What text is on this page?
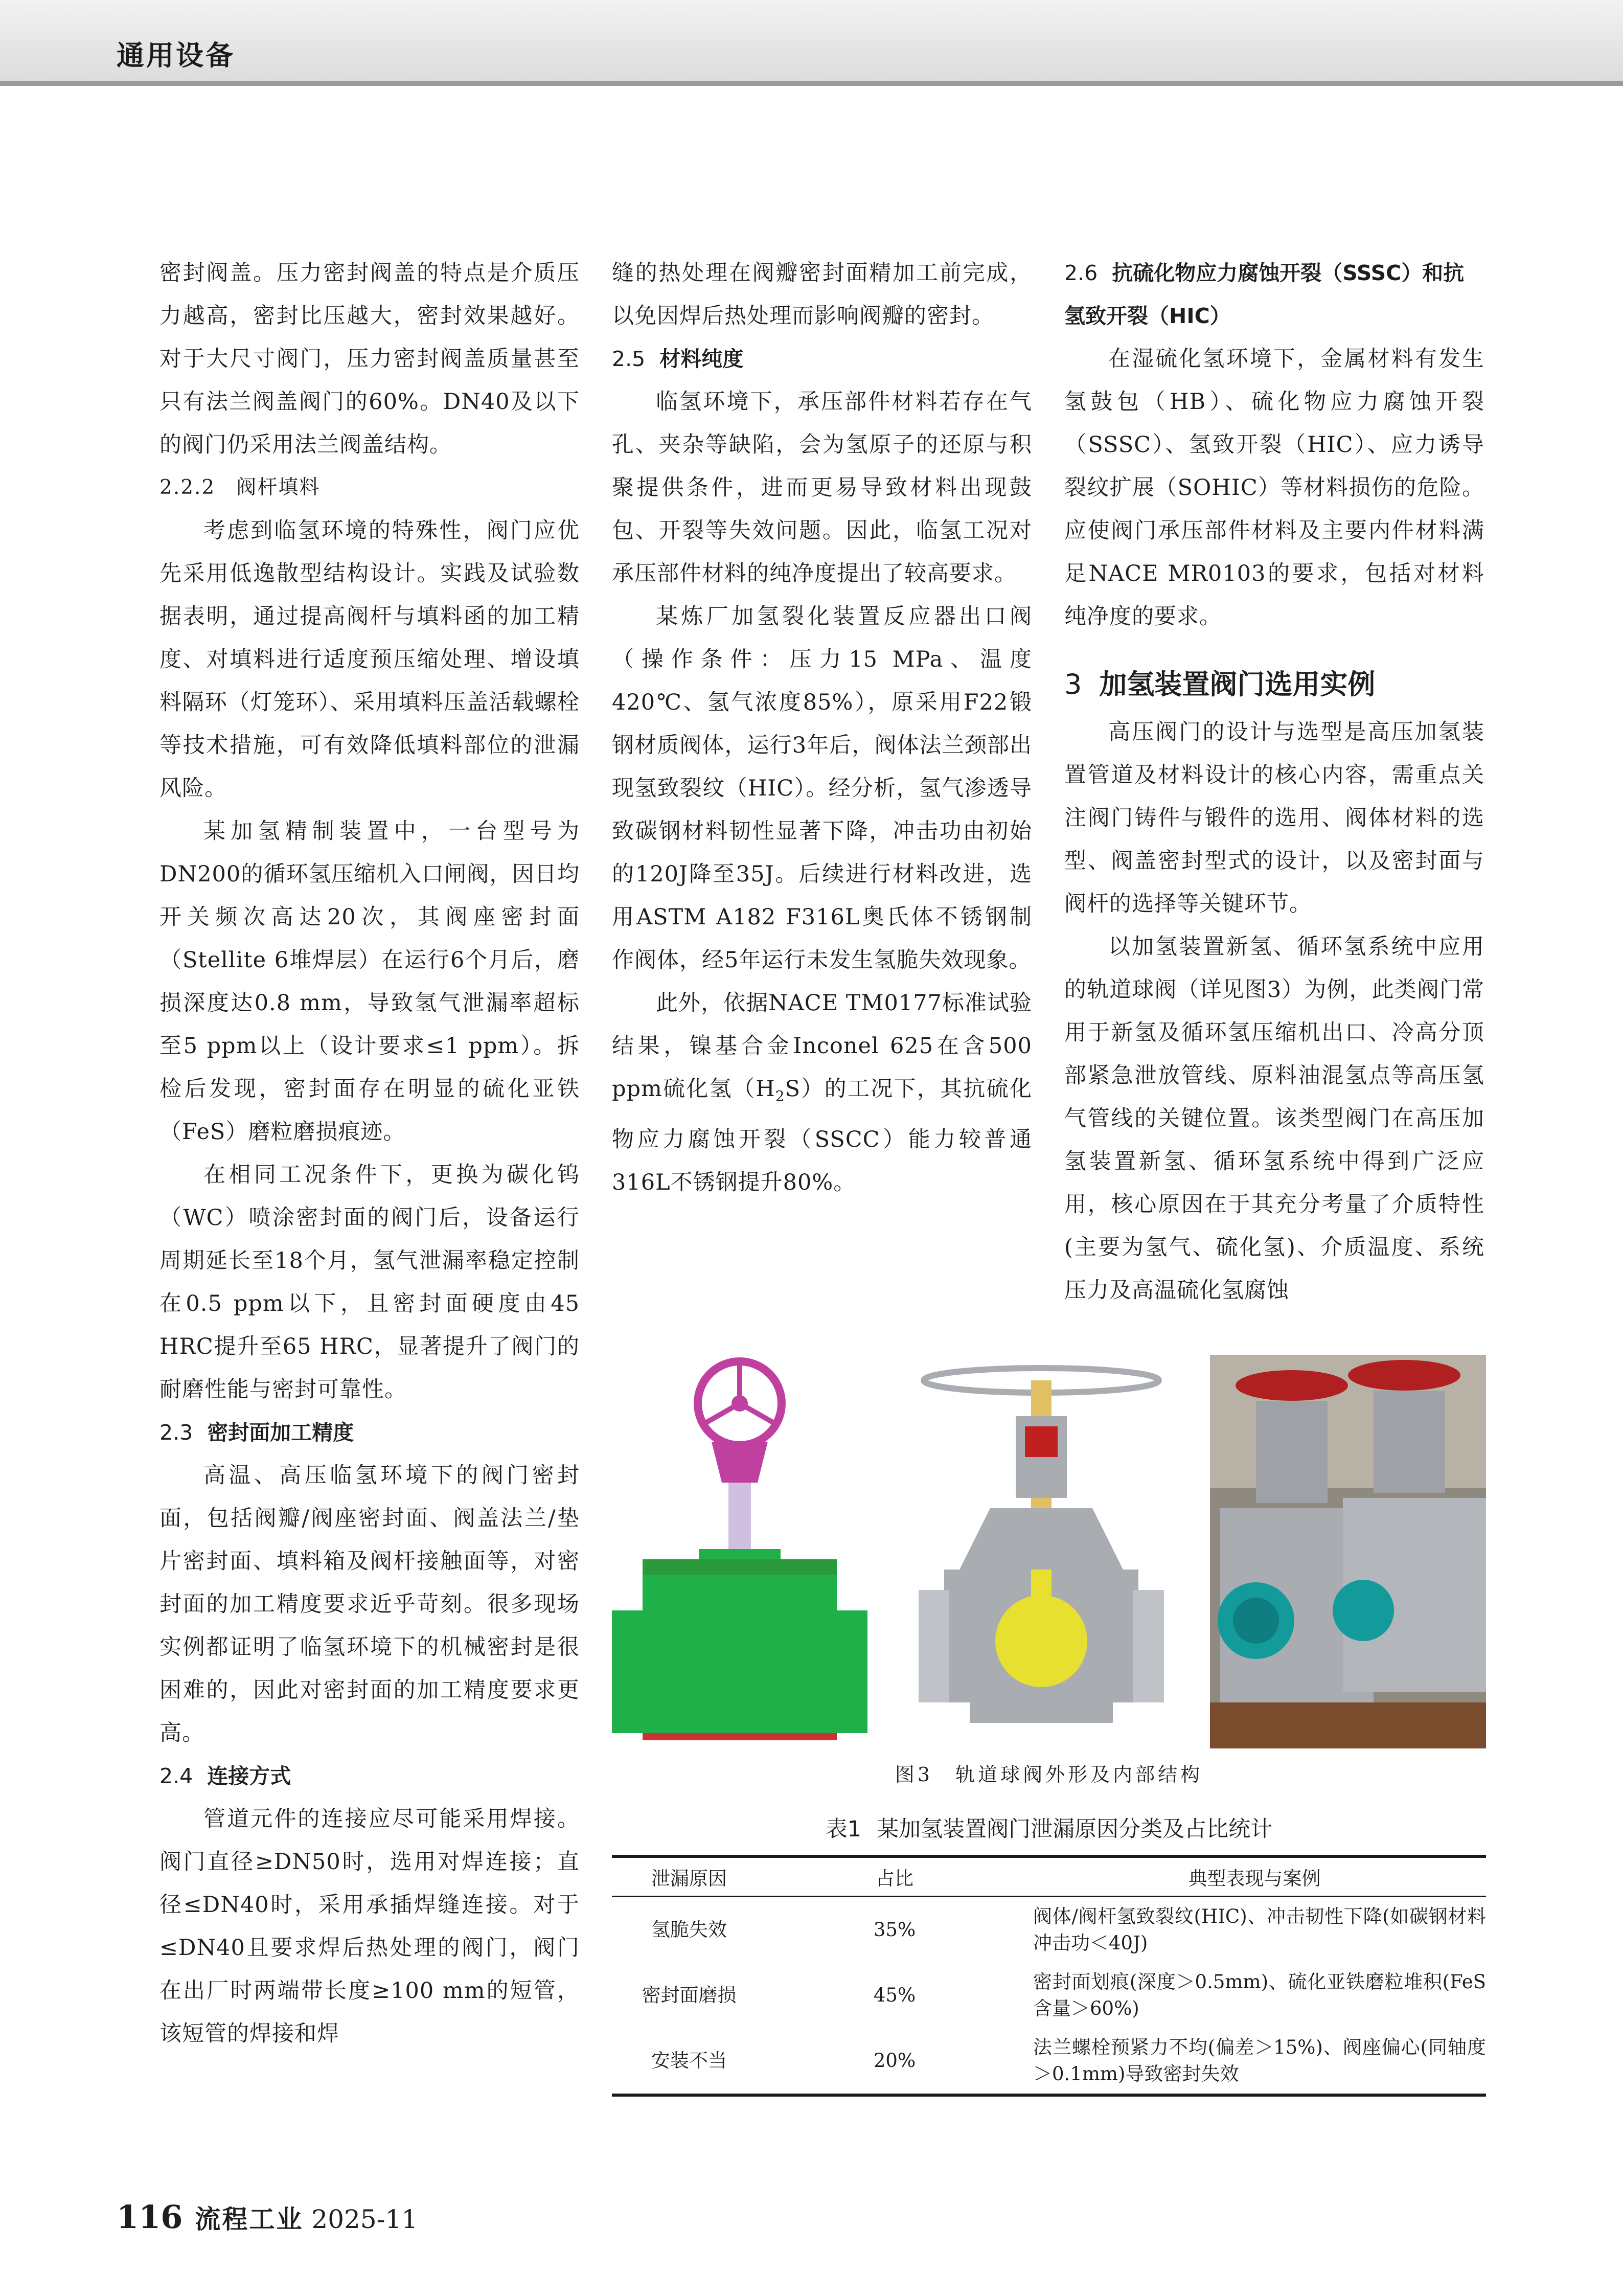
通用设备

密封阀盖。压力密封阀盖的特点是介质压力越高，密封比压越大，密封效果越好。对于大尺寸阀门，压力密封阀盖质量甚至只有法兰阀盖阀门的60%。DN40及以下的阀门仍采用法兰阀盖结构。

2.2.2　阀杆填料

考虑到临氢环境的特殊性，阀门应优先采用低逸散型结构设计。实践及试验数据表明，通过提高阀杆与填料函的加工精度、对填料进行适度预压缩处理、增设填料隔环（灯笼环）、采用填料压盖活载螺栓等技术措施，可有效降低填料部位的泄漏风险。

某加氢精制装置中，一台型号为DN200的循环氢压缩机入口闸阀，因日均开关频次高达20次，其阀座密封面（Stellite 6堆焊层）在运行6个月后，磨损深度达0.8 mm，导致氢气泄漏率超标至5 ppm以上（设计要求≤1 ppm）。拆检后发现，密封面存在明显的硫化亚铁（FeS）磨粒磨损痕迹。

在相同工况条件下，更换为碳化钨（WC）喷涂密封面的阀门后，设备运行周期延长至18个月，氢气泄漏率稳定控制在0.5 ppm以下，且密封面硬度由45 HRC提升至65 HRC，显著提升了阀门的耐磨性能与密封可靠性。

2.3 密封面加工精度

高温、高压临氢环境下的阀门密封面，包括阀瓣/阀座密封面、阀盖法兰/垫片密封面、填料箱及阀杆接触面等，对密封面的加工精度要求近乎苛刻。很多现场实例都证明了临氢环境下的机械密封是很困难的，因此对密封面的加工精度要求更高。

2.4 连接方式

管道元件的连接应尽可能采用焊接。阀门直径≥DN50时，选用对焊连接；直径≤DN40时，采用承插焊缝连接。对于≤DN40且要求焊后热处理的阀门，阀门在出厂时两端带长度≥100 mm的短管，该短管的焊接和焊

缝的热处理在阀瓣密封面精加工前完成，以免因焊后热处理而影响阀瓣的密封。

2.5 材料纯度

临氢环境下，承压部件材料若存在气孔、夹杂等缺陷，会为氢原子的还原与积聚提供条件，进而更易导致材料出现鼓包、开裂等失效问题。因此，临氢工况对承压部件材料的纯净度提出了较高要求。

某炼厂加氢裂化装置反应器出口阀（操作条件：压力15 MPa、温度420℃、氢气浓度85%），原采用F22锻钢材质阀体，运行3年后，阀体法兰颈部出现氢致裂纹（HIC）。经分析，氢气渗透导致碳钢材料韧性显著下降，冲击功由初始的120J降至35J。后续进行材料改进，选用ASTM A182 F316L奥氏体不锈钢制作阀体，经5年运行未发生氢脆失效现象。

此外，依据NACE TM0177标准试验结果，镍基合金Inconel 625在含500 ppm硫化氢$(H_2S)$的工况下，其抗硫化物应力腐蚀开裂（SSCC）能力较普通316L不锈钢提升80%。

2.6 抗硫化物应力腐蚀开裂（SSSC）和抗氢致开裂（HIC）

在湿硫化氢环境下，金属材料有发生氢鼓包（HB）、硫化物应力腐蚀开裂（SSSC）、氢致开裂（HIC）、应力诱导裂纹扩展（SOHIC）等材料损伤的危险。应使阀门承压部件材料及主要内件材料满足NACE MR0103的要求，包括对材料纯净度的要求。

3 加氢装置阀门选用实例

高压阀门的设计与选型是高压加氢装置管道及材料设计的核心内容，需重点关注阀门铸件与锻件的选用、阀体材料的选型、阀盖密封型式的设计，以及密封面与阀杆的选择等关键环节。

以加氢装置新氢、循环氢系统中应用的轨道球阀（详见图3）为例，此类阀门常用于新氢及循环氢压缩机出口、冷高分顶部紧急泄放管线、原料油混氢点等高压氢气管线的关键位置。该类型阀门在高压加氢装置新氢、循环氢系统中得到广泛应用，核心原因在于其充分考量了介质特性(主要为氢气、硫化氢)、介质温度、系统压力及高温硫化氢腐蚀

图3　轨道球阀外形及内部结构
表1 某加氢装置阀门泄漏原因分类及占比统计
泄漏原因	占比	典型表现与案例
氢脆失效	35%	阀体/阀杆氢致裂纹(HIC)、冲击韧性下降(如碳钢材料冲击功＜40J)
密封面磨损	45%	密封面划痕(深度＞0.5mm)、硫化亚铁磨粒堆积(FeS含量＞60%)
安装不当	20%	法兰螺栓预紧力不均(偏差＞15%)、阀座偏心(同轴度＞0.1mm)导致密封失效
116 流程工业 2025-11
